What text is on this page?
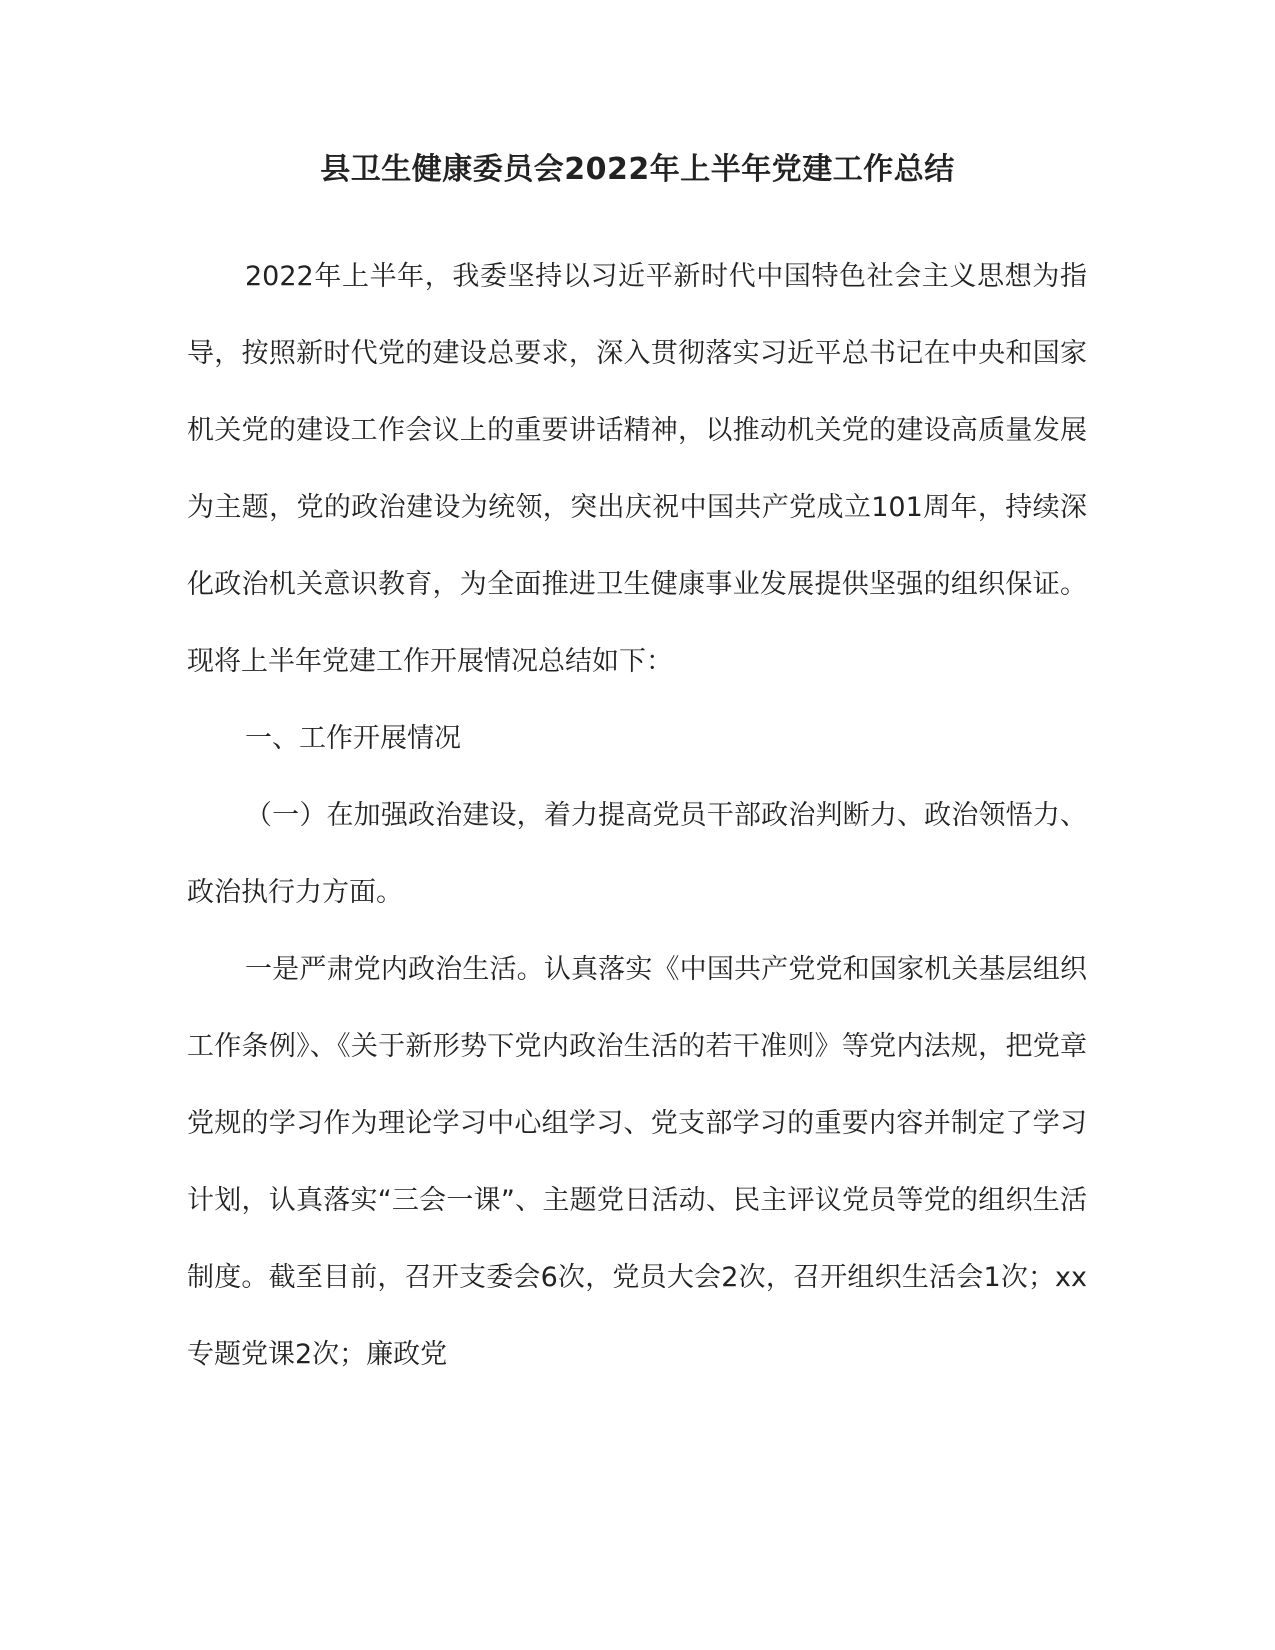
县卫生健康委员会2022年上半年党建工作总结

2022年上半年，我委坚持以习近平新时代中国特色社会主义思想为指导，按照新时代党的建设总要求，深入贯彻落实习近平总书记在中央和国家机关党的建设工作会议上的重要讲话精神，以推动机关党的建设高质量发展为主题，党的政治建设为统领，突出庆祝中国共产党成立101周年，持续深化政治机关意识教育，为全面推进卫生健康事业发展提供坚强的组织保证。现将上半年党建工作开展情况总结如下：

一、工作开展情况

（一）在加强政治建设，着力提高党员干部政治判断力、政治领悟力、政治执行力方面。

一是严肃党内政治生活。认真落实《中国共产党党和国家机关基层组织工作条例》、《关于新形势下党内政治生活的若干准则》等党内法规，把党章党规的学习作为理论学习中心组学习、党支部学习的重要内容并制定了学习计划，认真落实“三会一课”、主题党日活动、民主评议党员等党的组织生活制度。截至目前，召开支委会6次，党员大会2次，召开组织生活会1次；xx专题党课2次；廉政党
